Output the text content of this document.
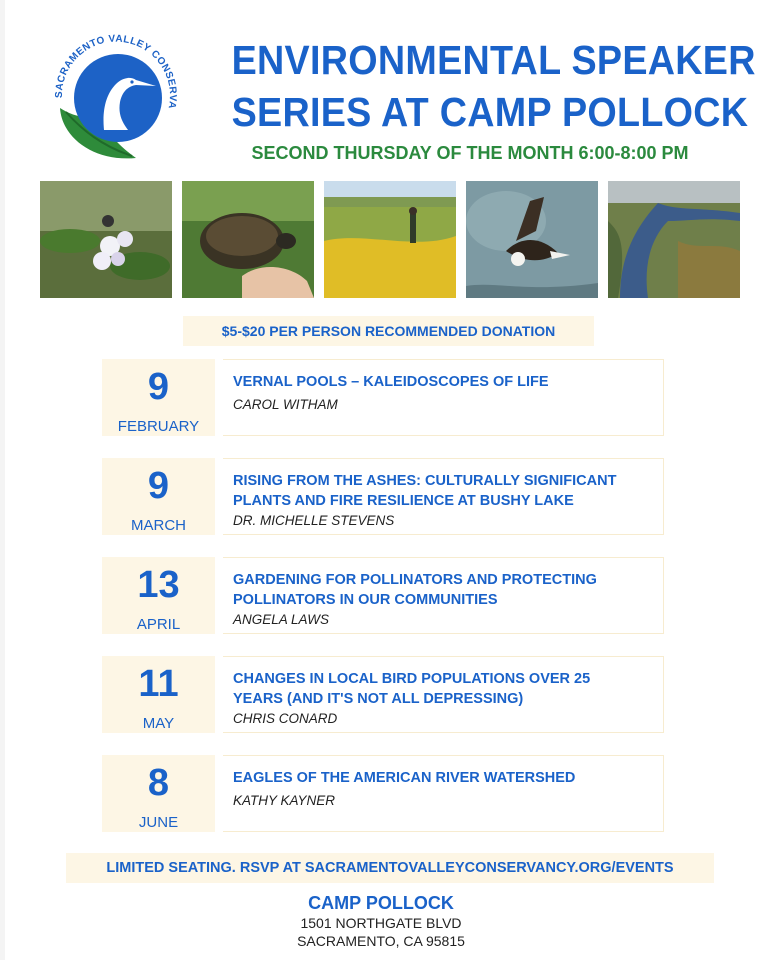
SACRAMENTO VALLEY CONSERVA
ENVIRONMENTAL SPEAKER
SERIES AT CAMP POLLOCK
SECOND THURSDAY OF THE MONTH 6:00-8:00 PM
$5-$20 PER PERSON RECOMMENDED DONATION
9
FEBRUARY
VERNAL POOLS – KALEIDOSCOPES OF LIFE
CAROL WITHAM
9
MARCH
RISING FROM THE ASHES: CULTURALLY SIGNIFICANT
PLANTS AND FIRE RESILIENCE AT BUSHY LAKE
DR. MICHELLE STEVENS
13
APRIL
GARDENING FOR POLLINATORS AND PROTECTING
POLLINATORS IN OUR COMMUNITIES
ANGELA LAWS
11
MAY
CHANGES IN LOCAL BIRD POPULATIONS OVER 25
YEARS (AND IT'S NOT ALL DEPRESSING)
CHRIS CONARD
8
JUNE
EAGLES OF THE AMERICAN RIVER WATERSHED
KATHY KAYNER
LIMITED SEATING. RSVP AT SACRAMENTOVALLEYCONSERVANCY.ORG/EVENTS
CAMP POLLOCK
1501 NORTHGATE BLVD
SACRAMENTO, CA 95815
